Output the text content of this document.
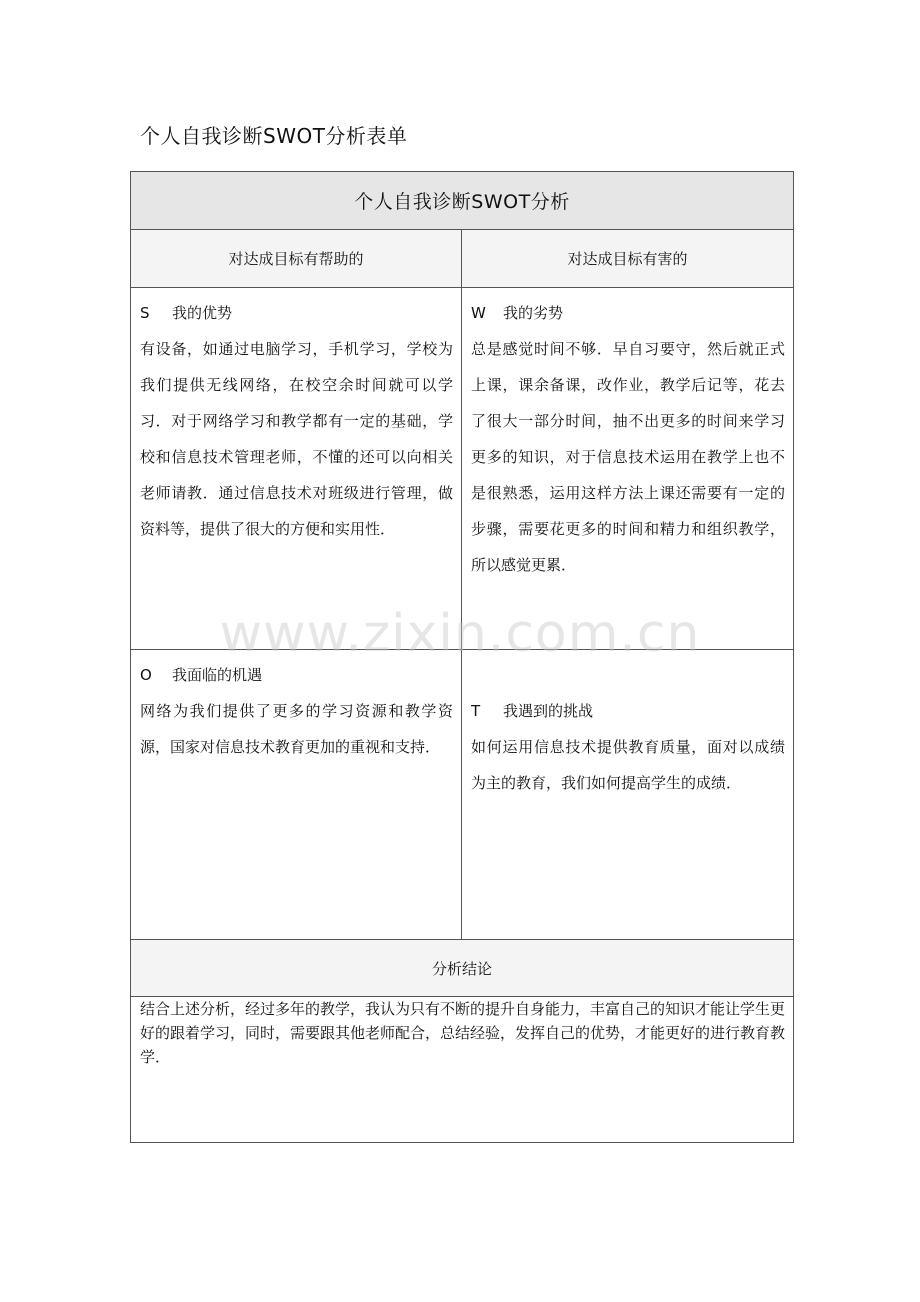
个人自我诊断SWOT分析表单
个人自我诊断SWOT分析
对达成目标有帮助的	对达成目标有害的
S 我的优势
有设备，如通过电脑学习，手机学习，学校为我们提供无线网络，在校空余时间就可以学习．对于网络学习和教学都有一定的基础，学校和信息技术管理老师，不懂的还可以向相关老师请教．通过信息技术对班级进行管理，做资料等，提供了很大的方便和实用性．
W 我的劣势
总是感觉时间不够．早自习要守，然后就正式上课，课余备课，改作业，教学后记等，花去了很大一部分时间，抽不出更多的时间来学习更多的知识，对于信息技术运用在教学上也不是很熟悉，运用这样方法上课还需要有一定的步骤，需要花更多的时间和精力和组织教学，所以感觉更累．
O 我面临的机遇
网络为我们提供了更多的学习资源和教学资源，国家对信息技术教育更加的重视和支持．
T 我遇到的挑战
如何运用信息技术提供教育质量，面对以成绩为主的教育，我们如何提高学生的成绩．
分析结论
结合上述分析，经过多年的教学，我认为只有不断的提升自身能力，丰富自己的知识才能让学生更好的跟着学习，同时，需要跟其他老师配合，总结经验，发挥自己的优势，才能更好的进行教育教学．
www.zixin.com.cn
